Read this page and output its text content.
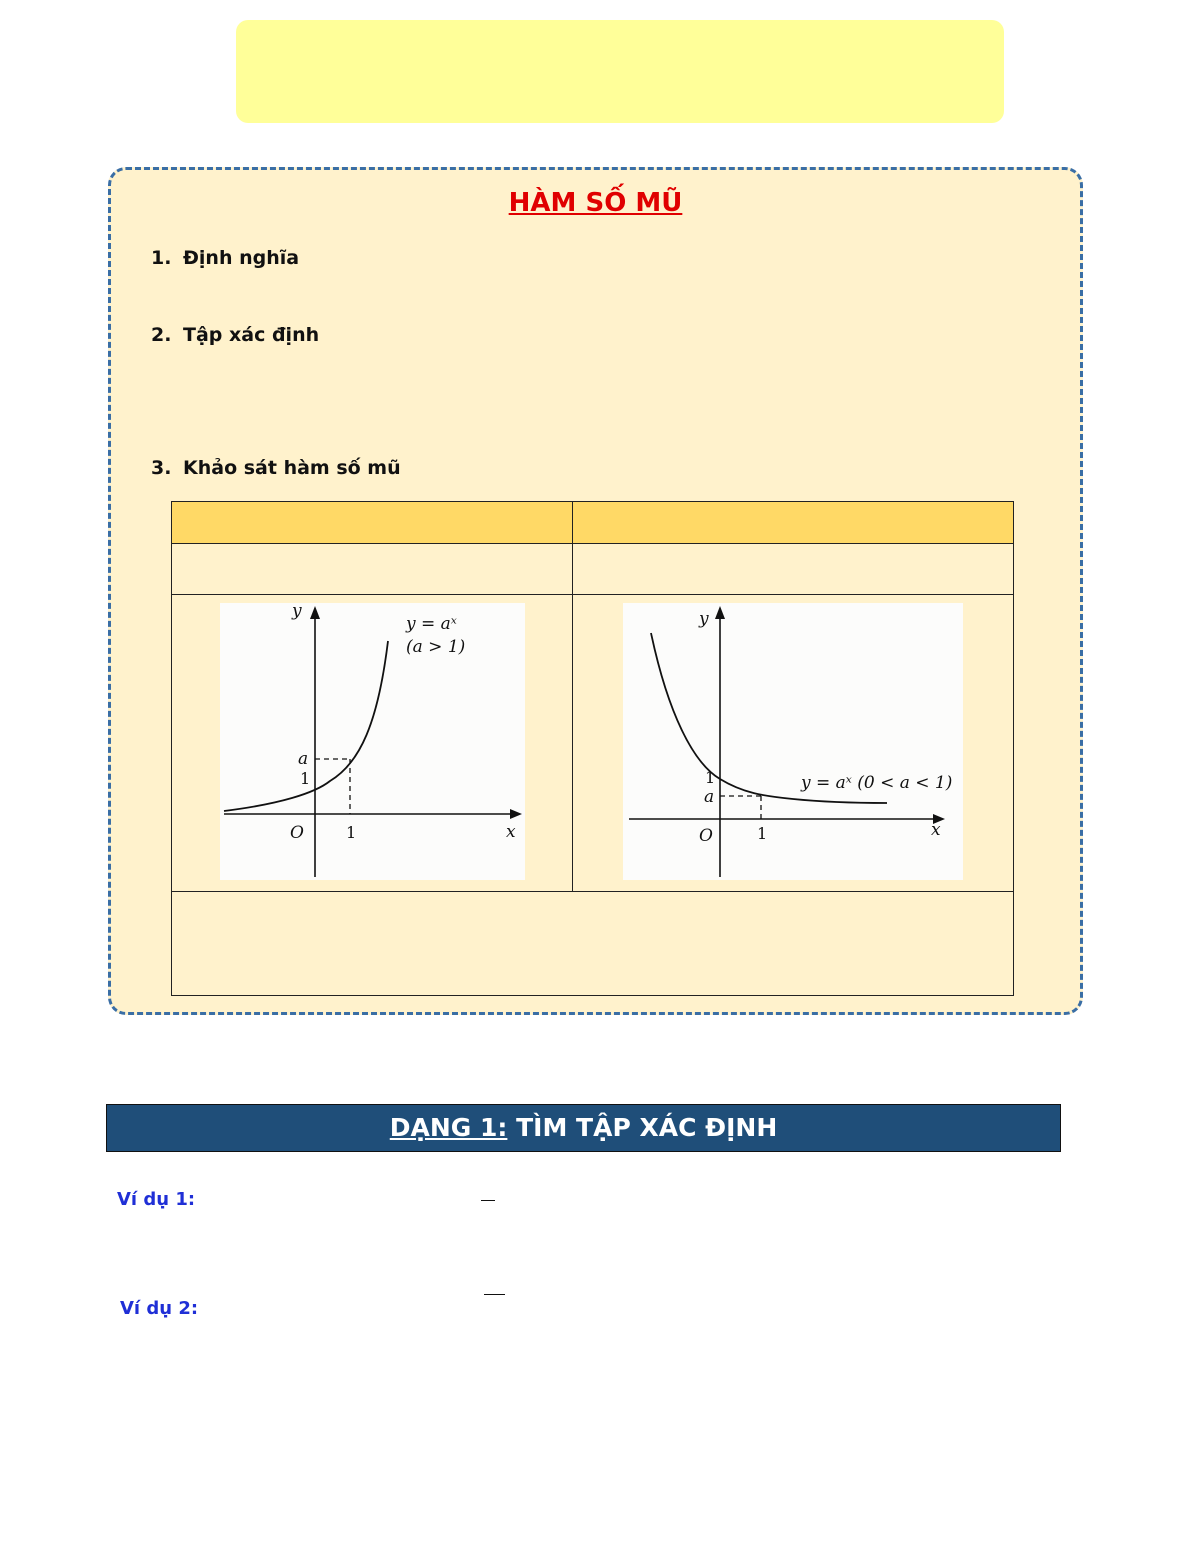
HÀM SỐ MŨ
1. Định nghĩa
2. Tập xác định
3. Khảo sát hàm số mũ
y
x
O
a
1
1
y = aˣ
(a > 1)
y
x
O
1
a
1
y = aˣ (0 < a < 1)
DẠNG 1: TÌM TẬP XÁC ĐỊNH
Ví dụ 1:
Ví dụ 2:
